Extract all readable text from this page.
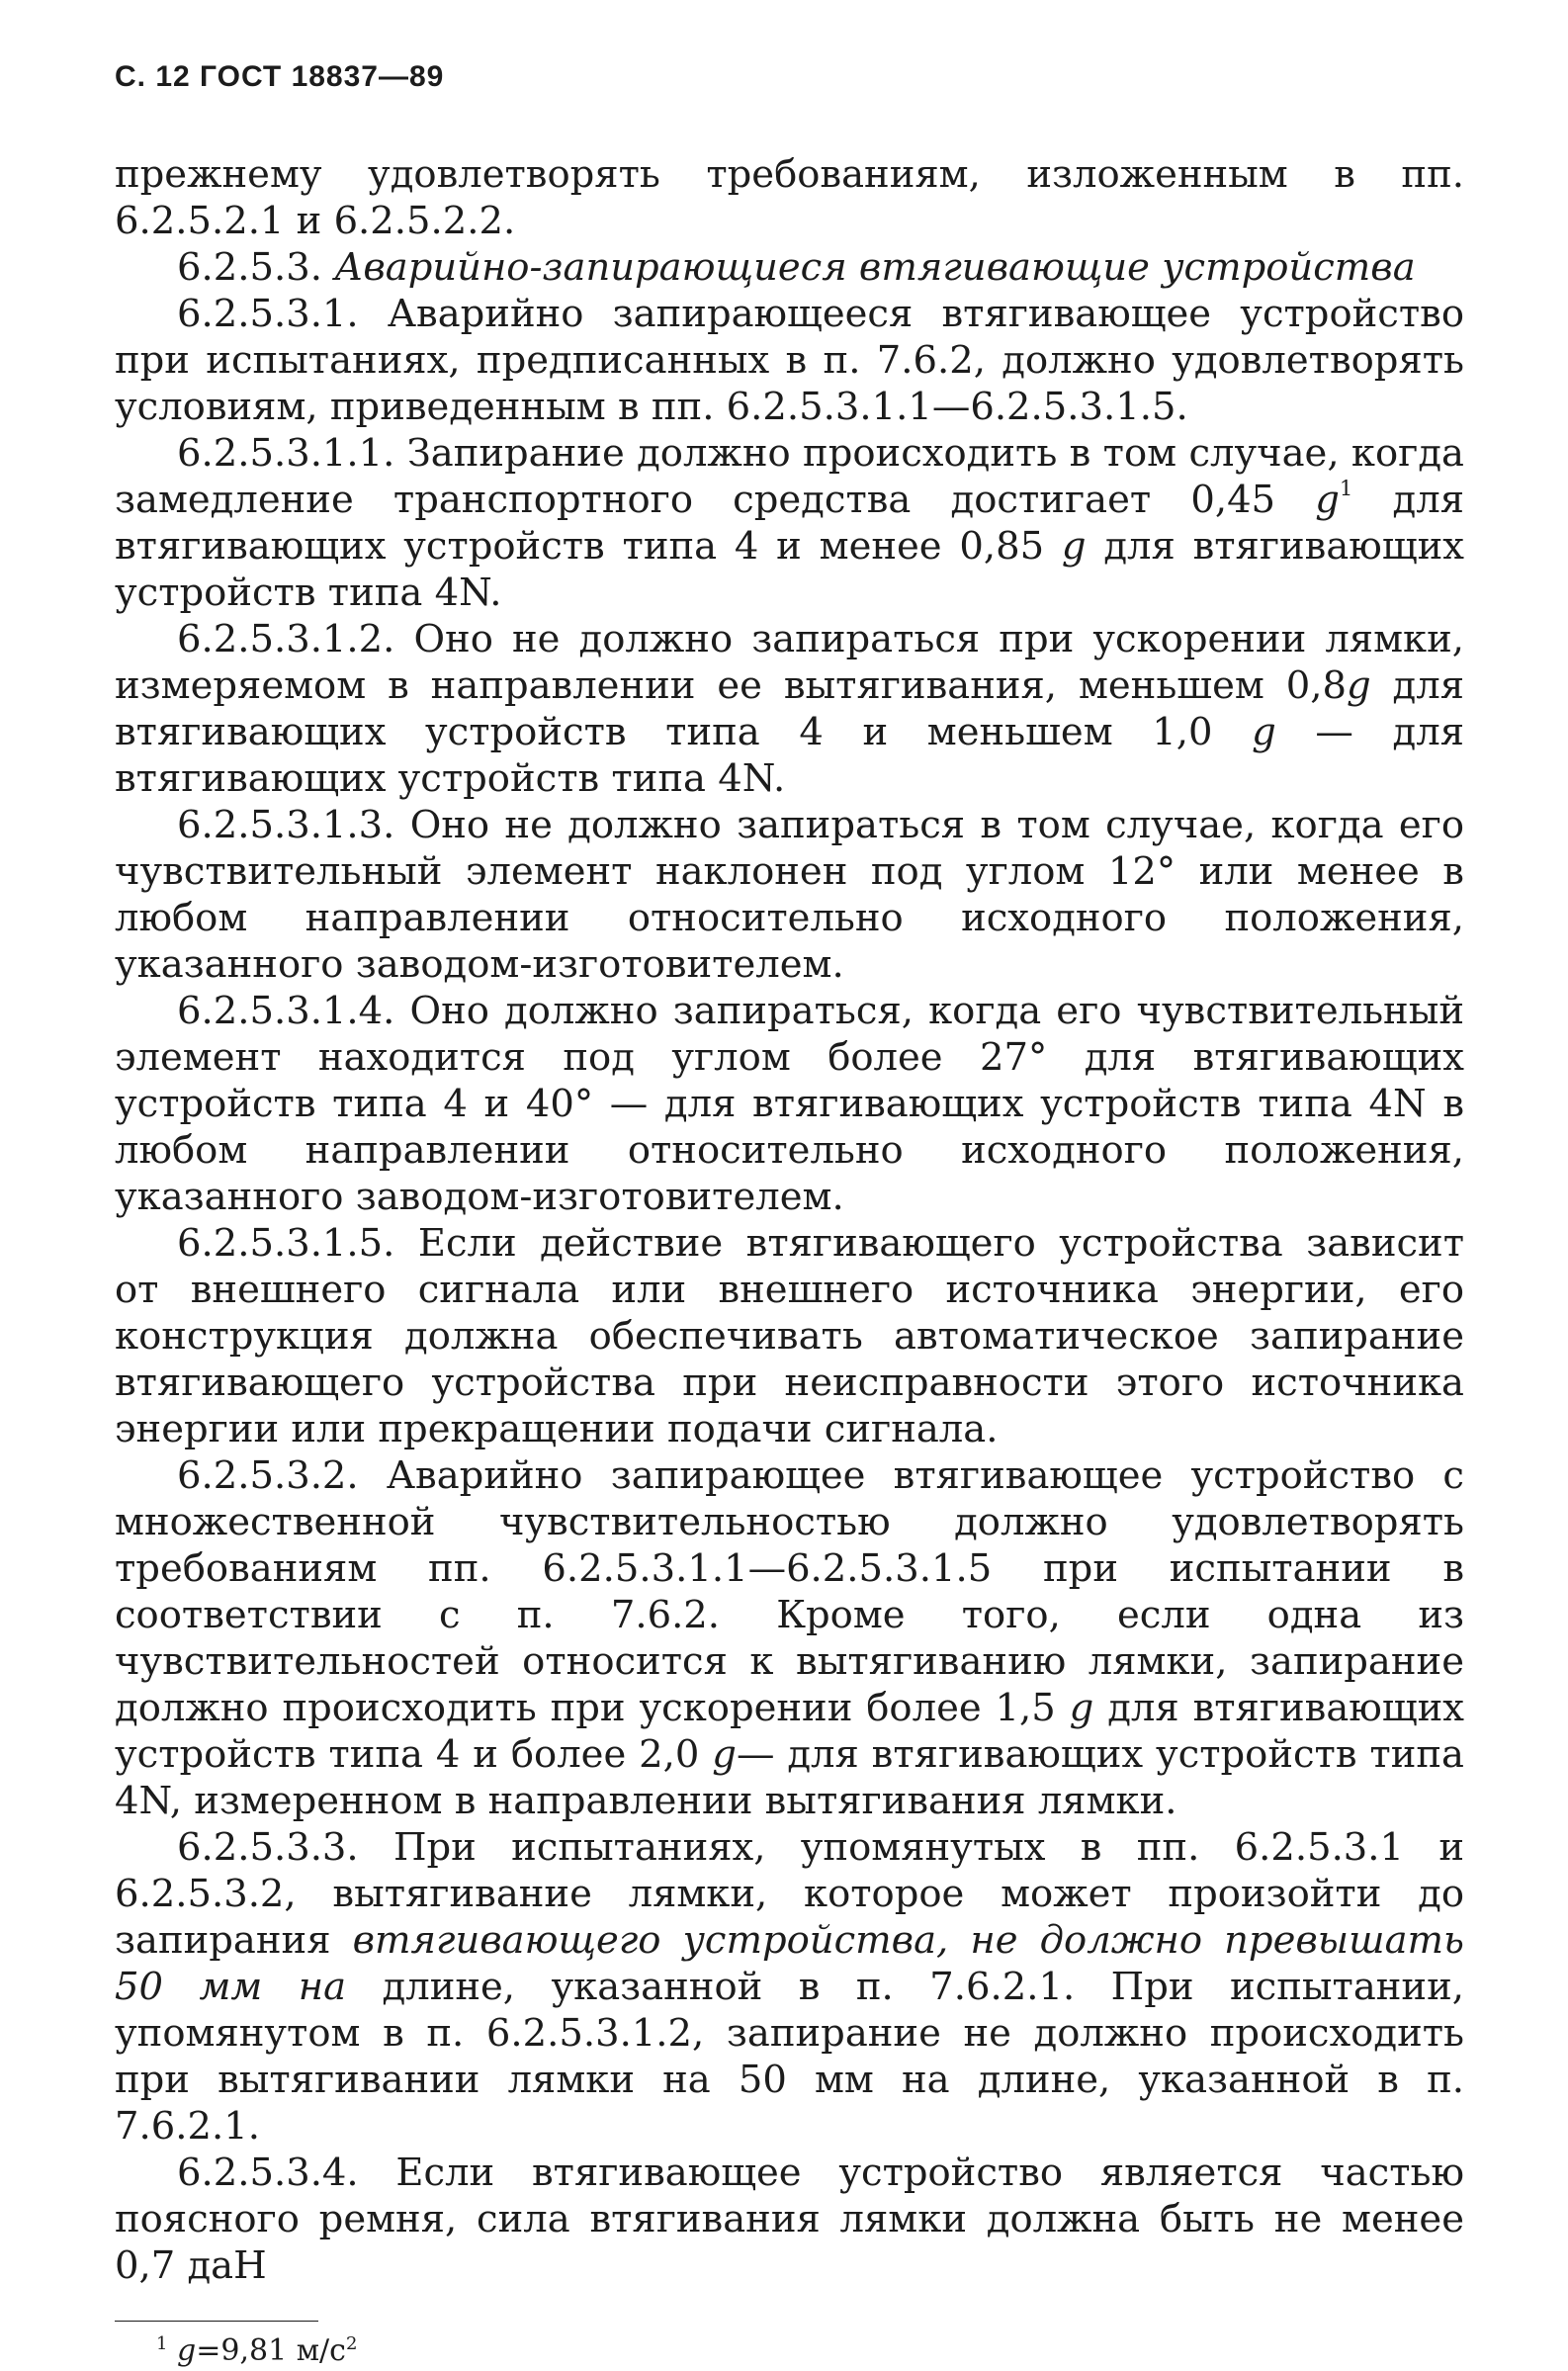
С. 12 ГОСТ 18837—89

прежнему удовлетворять требованиям, изложенным в пп. 6.2.5.2.1 и 6.2.5.2.2.

6.2.5.3. Аварийно-запирающиеся втягивающие устройства

6.2.5.3.1. Аварийно запирающееся втягивающее устройство при испытаниях, предписанных в п. 7.6.2, должно удовлетворять условиям, приведенным в пп. 6.2.5.3.1.1—6.2.5.3.1.5.

6.2.5.3.1.1. Запирание должно происходить в том случае, когда замедление транспортного средства достигает 0,45 $g^1$ для втягивающих устройств типа 4 и менее 0,85 g для втягивающих устройств типа 4N.

6.2.5.3.1.2. Оно не должно запираться при ускорении лямки, измеряемом в направлении ее вытягивания, меньшем 0,8g для втягивающих устройств типа 4 и меньшем 1,0 g — для втягивающих устройств типа 4N.

6.2.5.3.1.3. Оно не должно запираться в том случае, когда его чувствительный элемент наклонен под углом 12° или менее в любом направлении относительно исходного положения, указанного заводом-изготовителем.

6.2.5.3.1.4. Оно должно запираться, когда его чувствительный элемент находится под углом более 27° для втягивающих устройств типа 4 и 40° — для втягивающих устройств типа 4N в любом направлении относительно исходного положения, указанного заводом-изготовителем.

6.2.5.3.1.5. Если действие втягивающего устройства зависит от внешнего сигнала или внешнего источника энергии, его конструкция должна обеспечивать автоматическое запирание втягивающего устройства при неисправности этого источника энергии или прекращении подачи сигнала.

6.2.5.3.2. Аварийно запирающее втягивающее устройство с множественной чувствительностью должно удовлетворять требованиям пп. 6.2.5.3.1.1—6.2.5.3.1.5 при испытании в соответствии с п. 7.6.2. Кроме того, если одна из чувствительностей относится к вытягиванию лямки, запирание должно происходить при ускорении более 1,5 g для втягивающих устройств типа 4 и более 2,0 g— для втягивающих устройств типа 4N, измеренном в направлении вытягивания лямки.

6.2.5.3.3. При испытаниях, упомянутых в пп. 6.2.5.3.1 и 6.2.5.3.2, вытягивание лямки, которое может произойти до запирания втягивающего устройства, не должно превышать 50 мм на длине, указанной в п. 7.6.2.1. При испытании, упомянутом в п. 6.2.5.3.1.2, запирание не должно происходить при вытягивании лямки на 50 мм на длине, указанной в п. 7.6.2.1.

6.2.5.3.4. Если втягивающее устройство является частью поясного ремня, сила втягивания лямки должна быть не менее 0,7 даН

$^1$ g=9,81 $м/с^2$
